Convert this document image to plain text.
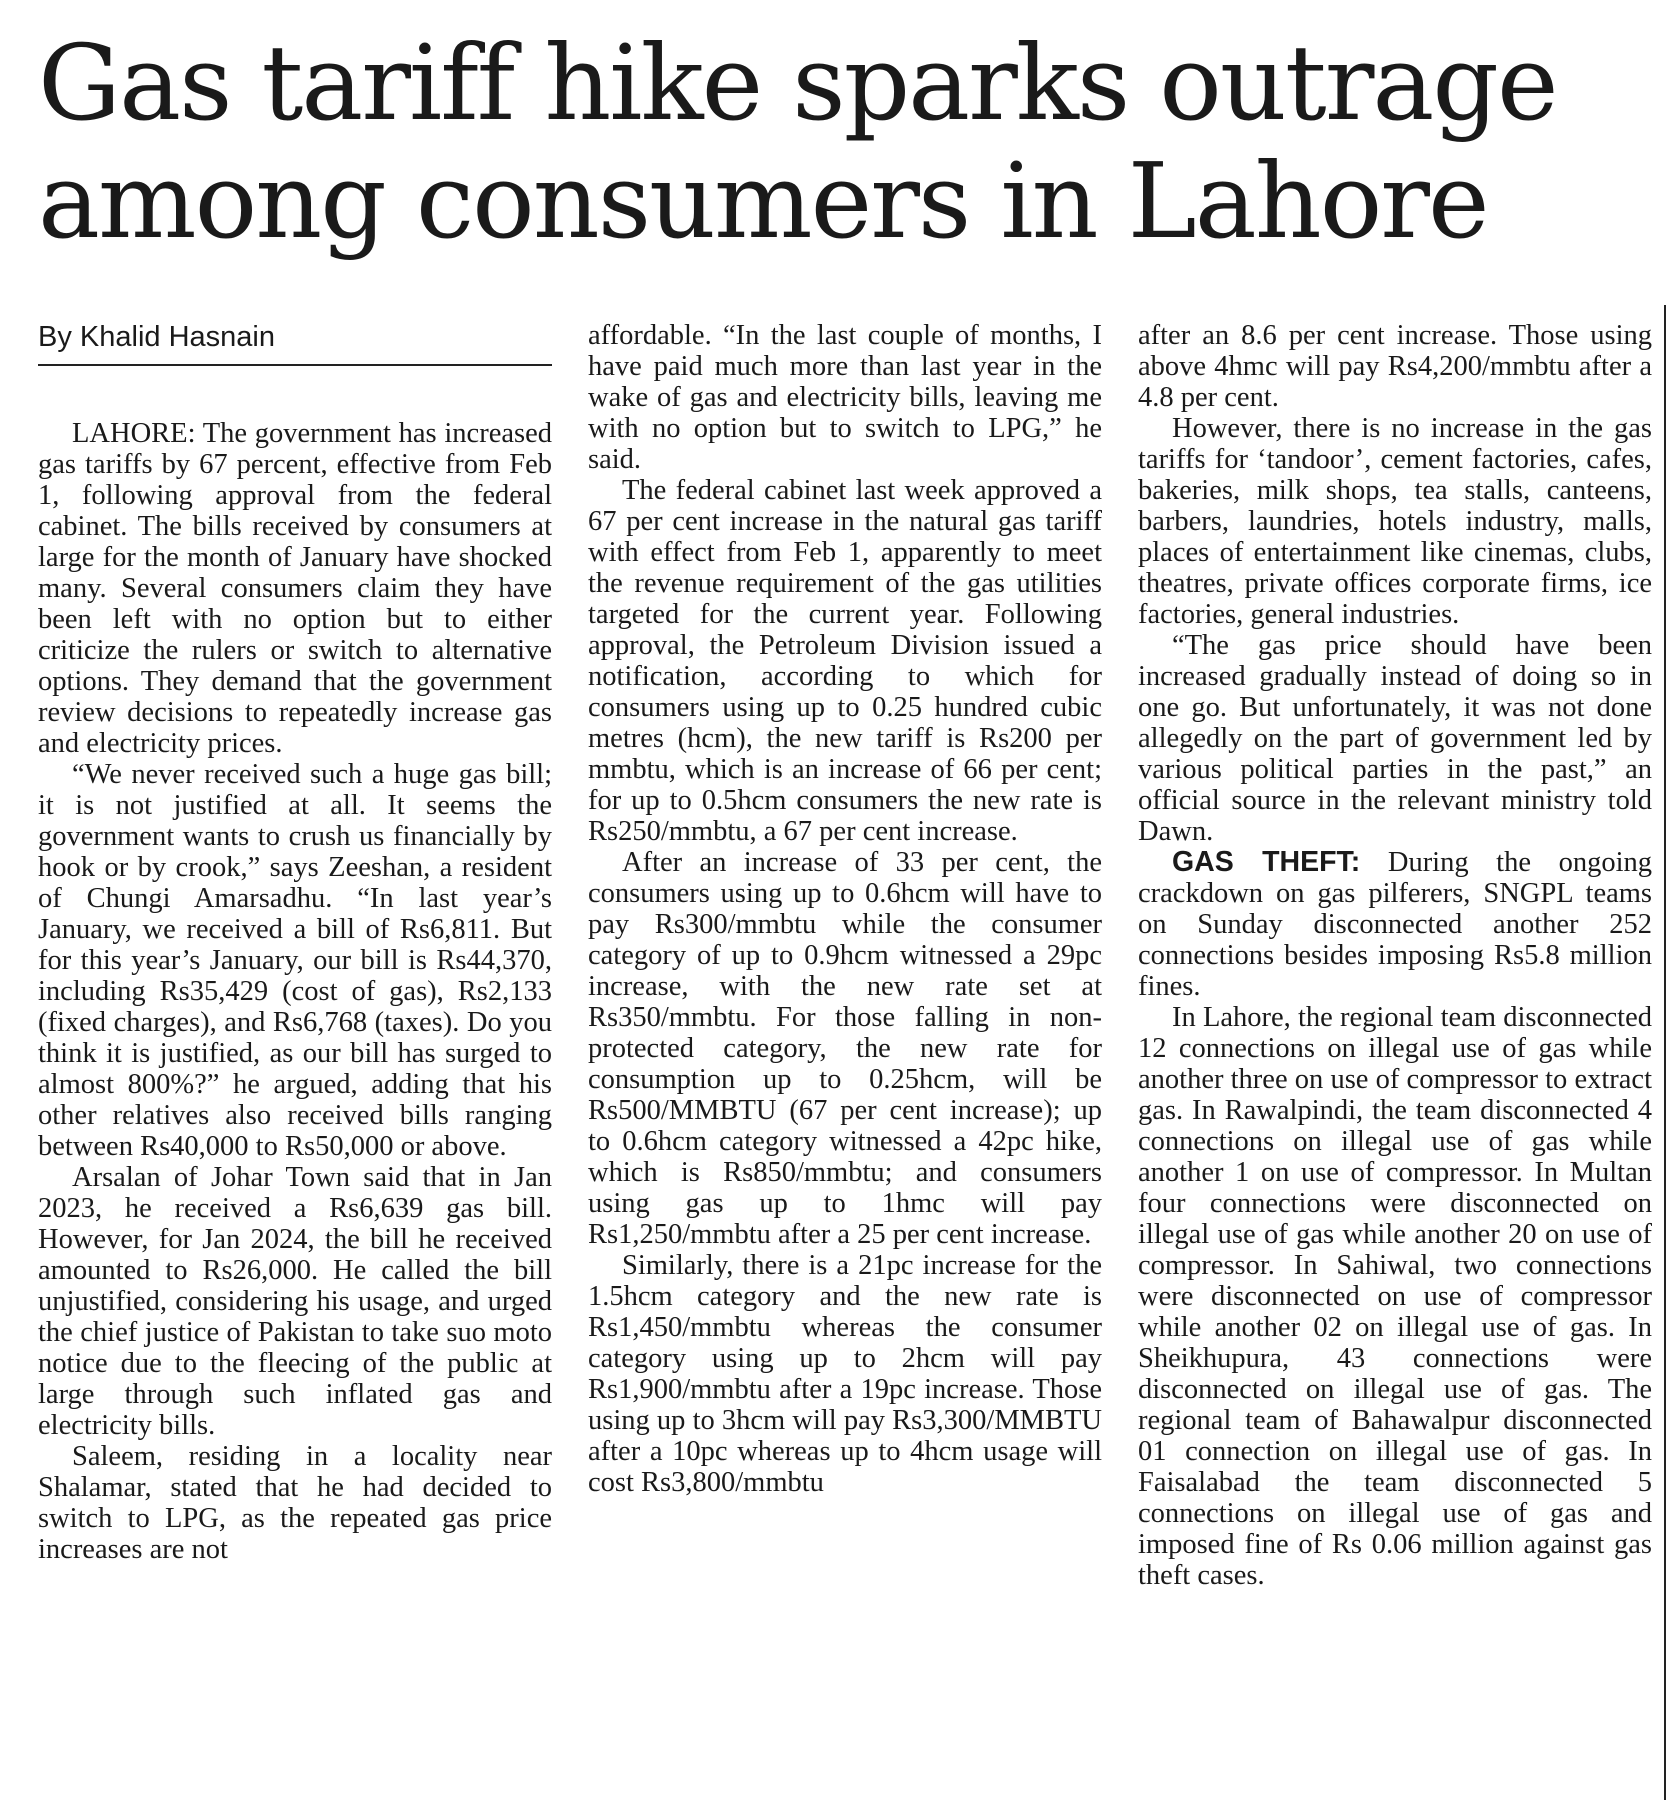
Gas tariff hike sparks outrage among consumers in Lahore
By Khalid Hasnain

LAHORE: The government has increased gas tariffs by 67 percent, effective from Feb 1, following approval from the federal cabinet. The bills received by consumers at large for the month of January have shocked many. Several consumers claim they have been left with no option but to either criticize the rulers or switch to alternative options. They demand that the government review decisions to repeatedly increase gas and electricity prices.

“We never received such a huge gas bill; it is not justified at all. It seems the government wants to crush us financially by hook or by crook,” says Zeeshan, a resident of Chungi Amarsadhu. “In last year’s January, we received a bill of Rs6,811. But for this year’s January, our bill is Rs44,370, including Rs35,429 (cost of gas), Rs2,133 (fixed charges), and Rs6,768 (taxes). Do you think it is justified, as our bill has surged to almost 800%?” he argued, adding that his other relatives also received bills ranging between Rs40,000 to Rs50,000 or above.

Arsalan of Johar Town said that in Jan 2023, he received a Rs6,639 gas bill. However, for Jan 2024, the bill he received amounted to Rs26,000. He called the bill unjustified, considering his usage, and urged the chief justice of Pakistan to take suo moto notice due to the fleecing of the public at large through such inflated gas and electricity bills.

Saleem, residing in a locality near Shalamar, stated that he had decided to switch to LPG, as the repeated gas price increases are not

affordable. “In the last couple of months, I have paid much more than last year in the wake of gas and electricity bills, leaving me with no option but to switch to LPG,” he said.

The federal cabinet last week approved a 67 per cent increase in the natural gas tariff with effect from Feb 1, apparently to meet the revenue requirement of the gas utilities targeted for the current year. Following approval, the Petroleum Division issued a notification, according to which for consumers using up to 0.25 hundred cubic metres (hcm), the new tariff is Rs200 per mmbtu, which is an increase of 66 per cent; for up to 0.5hcm consumers the new rate is Rs250/mmbtu, a 67 per cent increase.

After an increase of 33 per cent, the consumers using up to 0.6hcm will have to pay Rs300/mmbtu while the consumer category of up to 0.9hcm witnessed a 29pc increase, with the new rate set at Rs350/mmbtu. For those falling in non-protected category, the new rate for consumption up to 0.25hcm, will be Rs500/MMBTU (67 per cent increase); up to 0.6hcm category witnessed a 42pc hike, which is Rs850/mmbtu; and consumers using gas up to 1hmc will pay Rs1,250/mmbtu after a 25 per cent increase.

Similarly, there is a 21pc increase for the 1.5hcm category and the new rate is Rs1,450/mmbtu whereas the consumer category using up to 2hcm will pay Rs1,900/mmbtu after a 19pc increase. Those using up to 3hcm will pay Rs3,300/MMBTU after a 10pc whereas up to 4hcm usage will cost Rs3,800/mmbtu

after an 8.6 per cent increase. Those using above 4hmc will pay Rs4,200/mmbtu after a 4.8 per cent.

However, there is no increase in the gas tariffs for ‘tandoor’, cement factories, cafes, bakeries, milk shops, tea stalls, canteens, barbers, laundries, hotels industry, malls, places of entertainment like cinemas, clubs, theatres, private offices corporate firms, ice factories, general industries.

“The gas price should have been increased gradually instead of doing so in one go. But unfortunately, it was not done allegedly on the part of government led by various political parties in the past,” an official source in the relevant ministry told Dawn.

GAS THEFT: During the ongoing crackdown on gas pilferers, SNGPL teams on Sunday disconnected another 252 connections besides imposing Rs5.8 million fines.

In Lahore, the regional team disconnected 12 connections on illegal use of gas while another three on use of compressor to extract gas. In Rawalpindi, the team disconnected 4 connections on illegal use of gas while another 1 on use of compressor. In Multan four connections were disconnected on illegal use of gas while another 20 on use of compressor. In Sahiwal, two connections were disconnected on use of compressor while another 02 on illegal use of gas. In Sheikhupura, 43 connections were disconnected on illegal use of gas. The regional team of Bahawalpur disconnected 01 connection on illegal use of gas. In Faisalabad the team disconnected 5 connections on illegal use of gas and imposed fine of Rs 0.06 million against gas theft cases.
